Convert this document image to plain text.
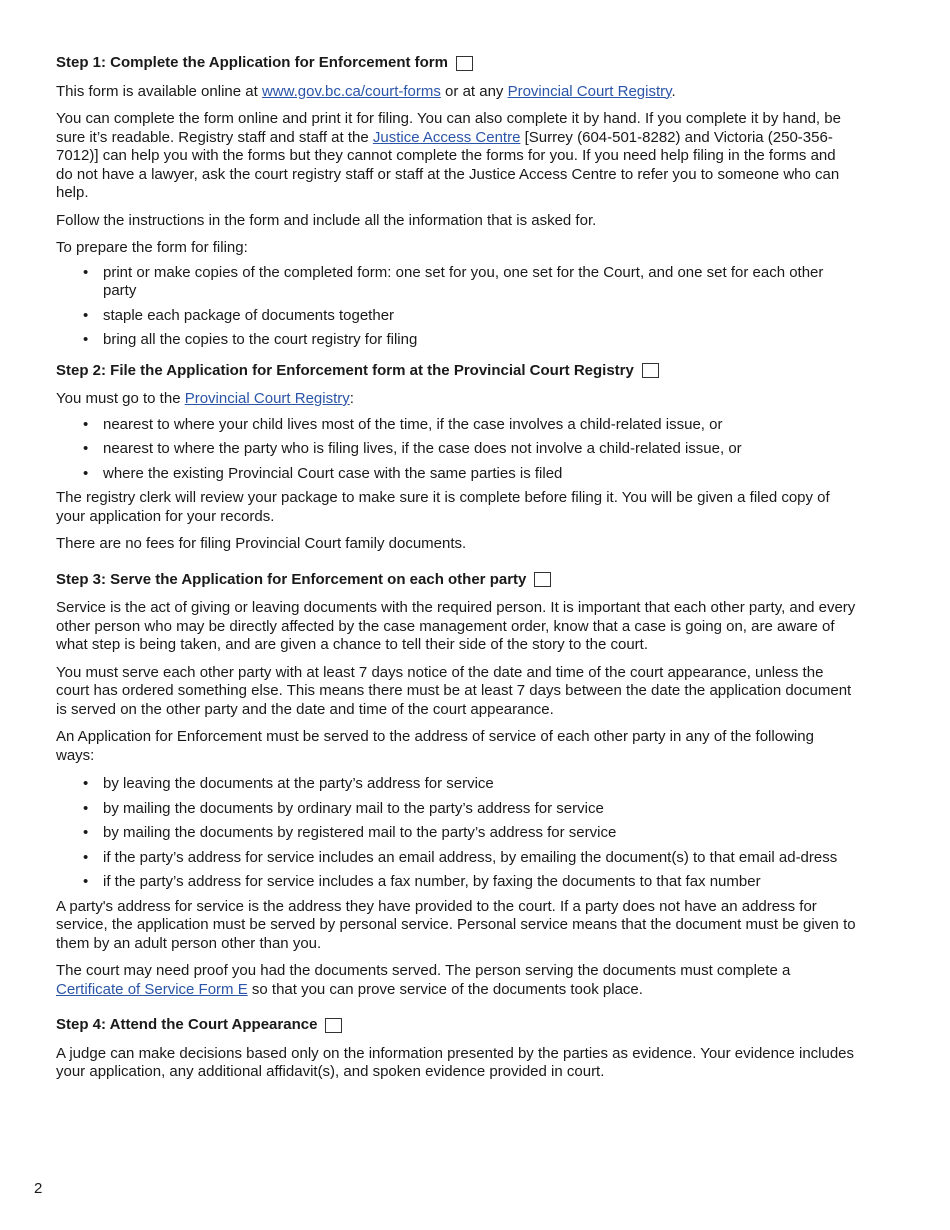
Step 1: Complete the Application for Enforcement form

This form is available online at www.gov.bc.ca/court-forms or at any Provincial Court Registry.

You can complete the form online and print it for filing. You can also complete it by hand. If you complete it by hand, be sure it’s readable. Registry staff and staff at the Justice Access Centre [Surrey (604-501-8282) and Victoria (250-356-7012)] can help you with the forms but they cannot complete the forms for you. If you need help filing in the forms and do not have a lawyer, ask the court registry staff or staff at the Justice Access Centre to refer you to someone who can help.

Follow the instructions in the form and include all the information that is asked for.

To prepare the form for filing:

• print or make copies of the completed form: one set for you, one set for the Court, and one set for each other party
• staple each package of documents together
• bring all the copies to the court registry for filing
Step 2: File the Application for Enforcement form at the Provincial Court Registry

You must go to the Provincial Court Registry:

• nearest to where your child lives most of the time, if the case involves a child-related issue, or
• nearest to where the party who is filing lives, if the case does not involve a child-related issue, or
• where the existing Provincial Court case with the same parties is filed

The registry clerk will review your package to make sure it is complete before filing it. You will be given a filed copy of your application for your records.

There are no fees for filing Provincial Court family documents.

Step 3: Serve the Application for Enforcement on each other party

Service is the act of giving or leaving documents with the required person. It is important that each other party, and every other person who may be directly affected by the case management order, know that a case is going on, are aware of what step is being taken, and are given a chance to tell their side of the story to the court.

You must serve each other party with at least 7 days notice of the date and time of the court appearance, unless the court has ordered something else. This means there must be at least 7 days between the date the application document is served on the other party and the date and time of the court appearance.

An Application for Enforcement must be served to the address of service of each other party in any of the following ways:

• by leaving the documents at the party’s address for service
• by mailing the documents by ordinary mail to the party’s address for service
• by mailing the documents by registered mail to the party’s address for service
• if the party’s address for service includes an email address, by emailing the document(s) to that email ad-dress
• if the party’s address for service includes a fax number, by faxing the documents to that fax number

A party's address for service is the address they have provided to the court. If a party does not have an address for service, the application must be served by personal service. Personal service means that the document must be given to them by an adult person other than you.

The court may need proof you had the documents served. The person serving the documents must complete a Certificate of Service Form E so that you can prove service of the documents took place.

Step 4: Attend the Court Appearance

A judge can make decisions based only on the information presented by the parties as evidence. Your evidence includes your application, any additional affidavit(s), and spoken evidence provided in court.

2
